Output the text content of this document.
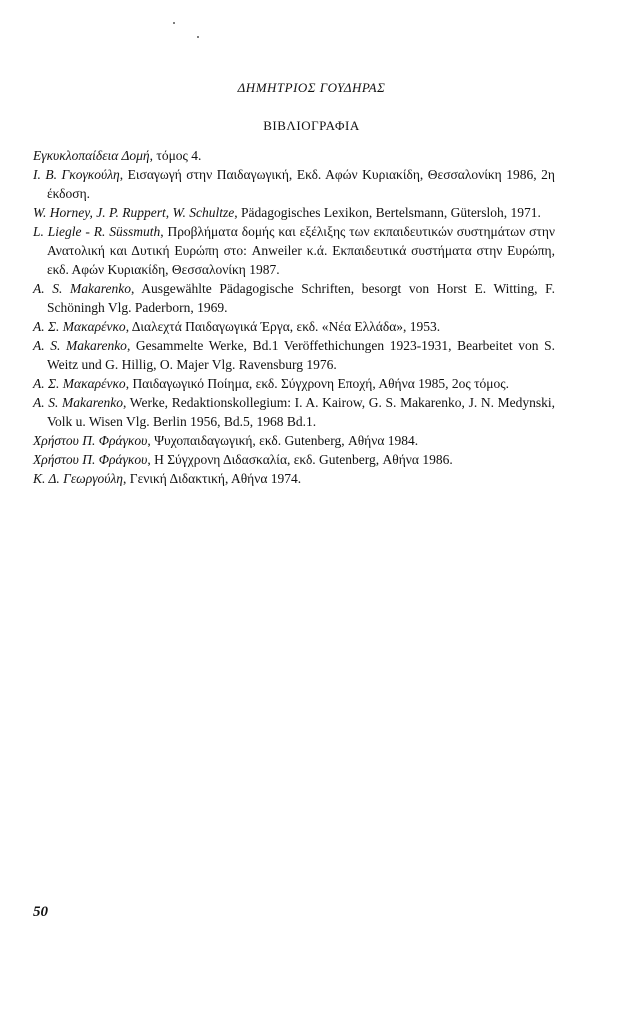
ΔΗΜΗΤΡΙΟΣ ΓΟΥΔΗΡΑΣ
ΒΙΒΛΙΟΓΡΑΦΙΑ
Εγκυκλοπαίδεια Δομή, τόμος 4.
Ι. Β. Γκογκούλη, Εισαγωγή στην Παιδαγωγική, Εκδ. Αφών Κυριακίδη, Θεσσαλονίκη 1986, 2η έκδοση.
W. Horney, J. P. Ruppert, W. Schultze, Pädagogisches Lexikon, Bertelsmann, Gütersloh, 1971.
L. Liegle - R. Süssmuth, Προβλήματα δομής και εξέλιξης των εκπαιδευτικών συστημάτων στην Ανατολική και Δυτική Ευρώπη στο: Anweiler κ.ά. Εκπαιδευτικά συστήματα στην Ευρώπη, εκδ. Αφών Κυριακίδη, Θεσσαλονίκη 1987.
A. S. Makarenko, Ausgewählte Pädagogische Schriften, besorgt von Horst E. Witting, F. Schöningh Vlg. Paderborn, 1969.
Α. Σ. Μακαρένκο, Διαλεχτά Παιδαγωγικά Έργα, εκδ. «Νέα Ελλάδα», 1953.
A. S. Makarenko, Gesammelte Werke, Bd.1 Veröffethichungen 1923-1931, Bearbeitet von S. Weitz und G. Hillig, O. Majer Vlg. Ravensburg 1976.
Α. Σ. Μακαρένκο, Παιδαγωγικό Ποίημα, εκδ. Σύγχρονη Εποχή, Αθήνα 1985, 2ος τόμος.
A. S. Makarenko, Werke, Redaktionskollegium: I. A. Kairow, G. S. Makarenko, J. N. Medynski, Volk u. Wisen Vlg. Berlin 1956, Bd.5, 1968 Bd.1.
Χρήστου Π. Φράγκου, Ψυχοπαιδαγωγική, εκδ. Gutenberg, Αθήνα 1984.
Χρήστου Π. Φράγκου, Η Σύγχρονη Διδασκαλία, εκδ. Gutenberg, Αθήνα 1986.
Κ. Δ. Γεωργούλη, Γενική Διδακτική, Αθήνα 1974.
50
